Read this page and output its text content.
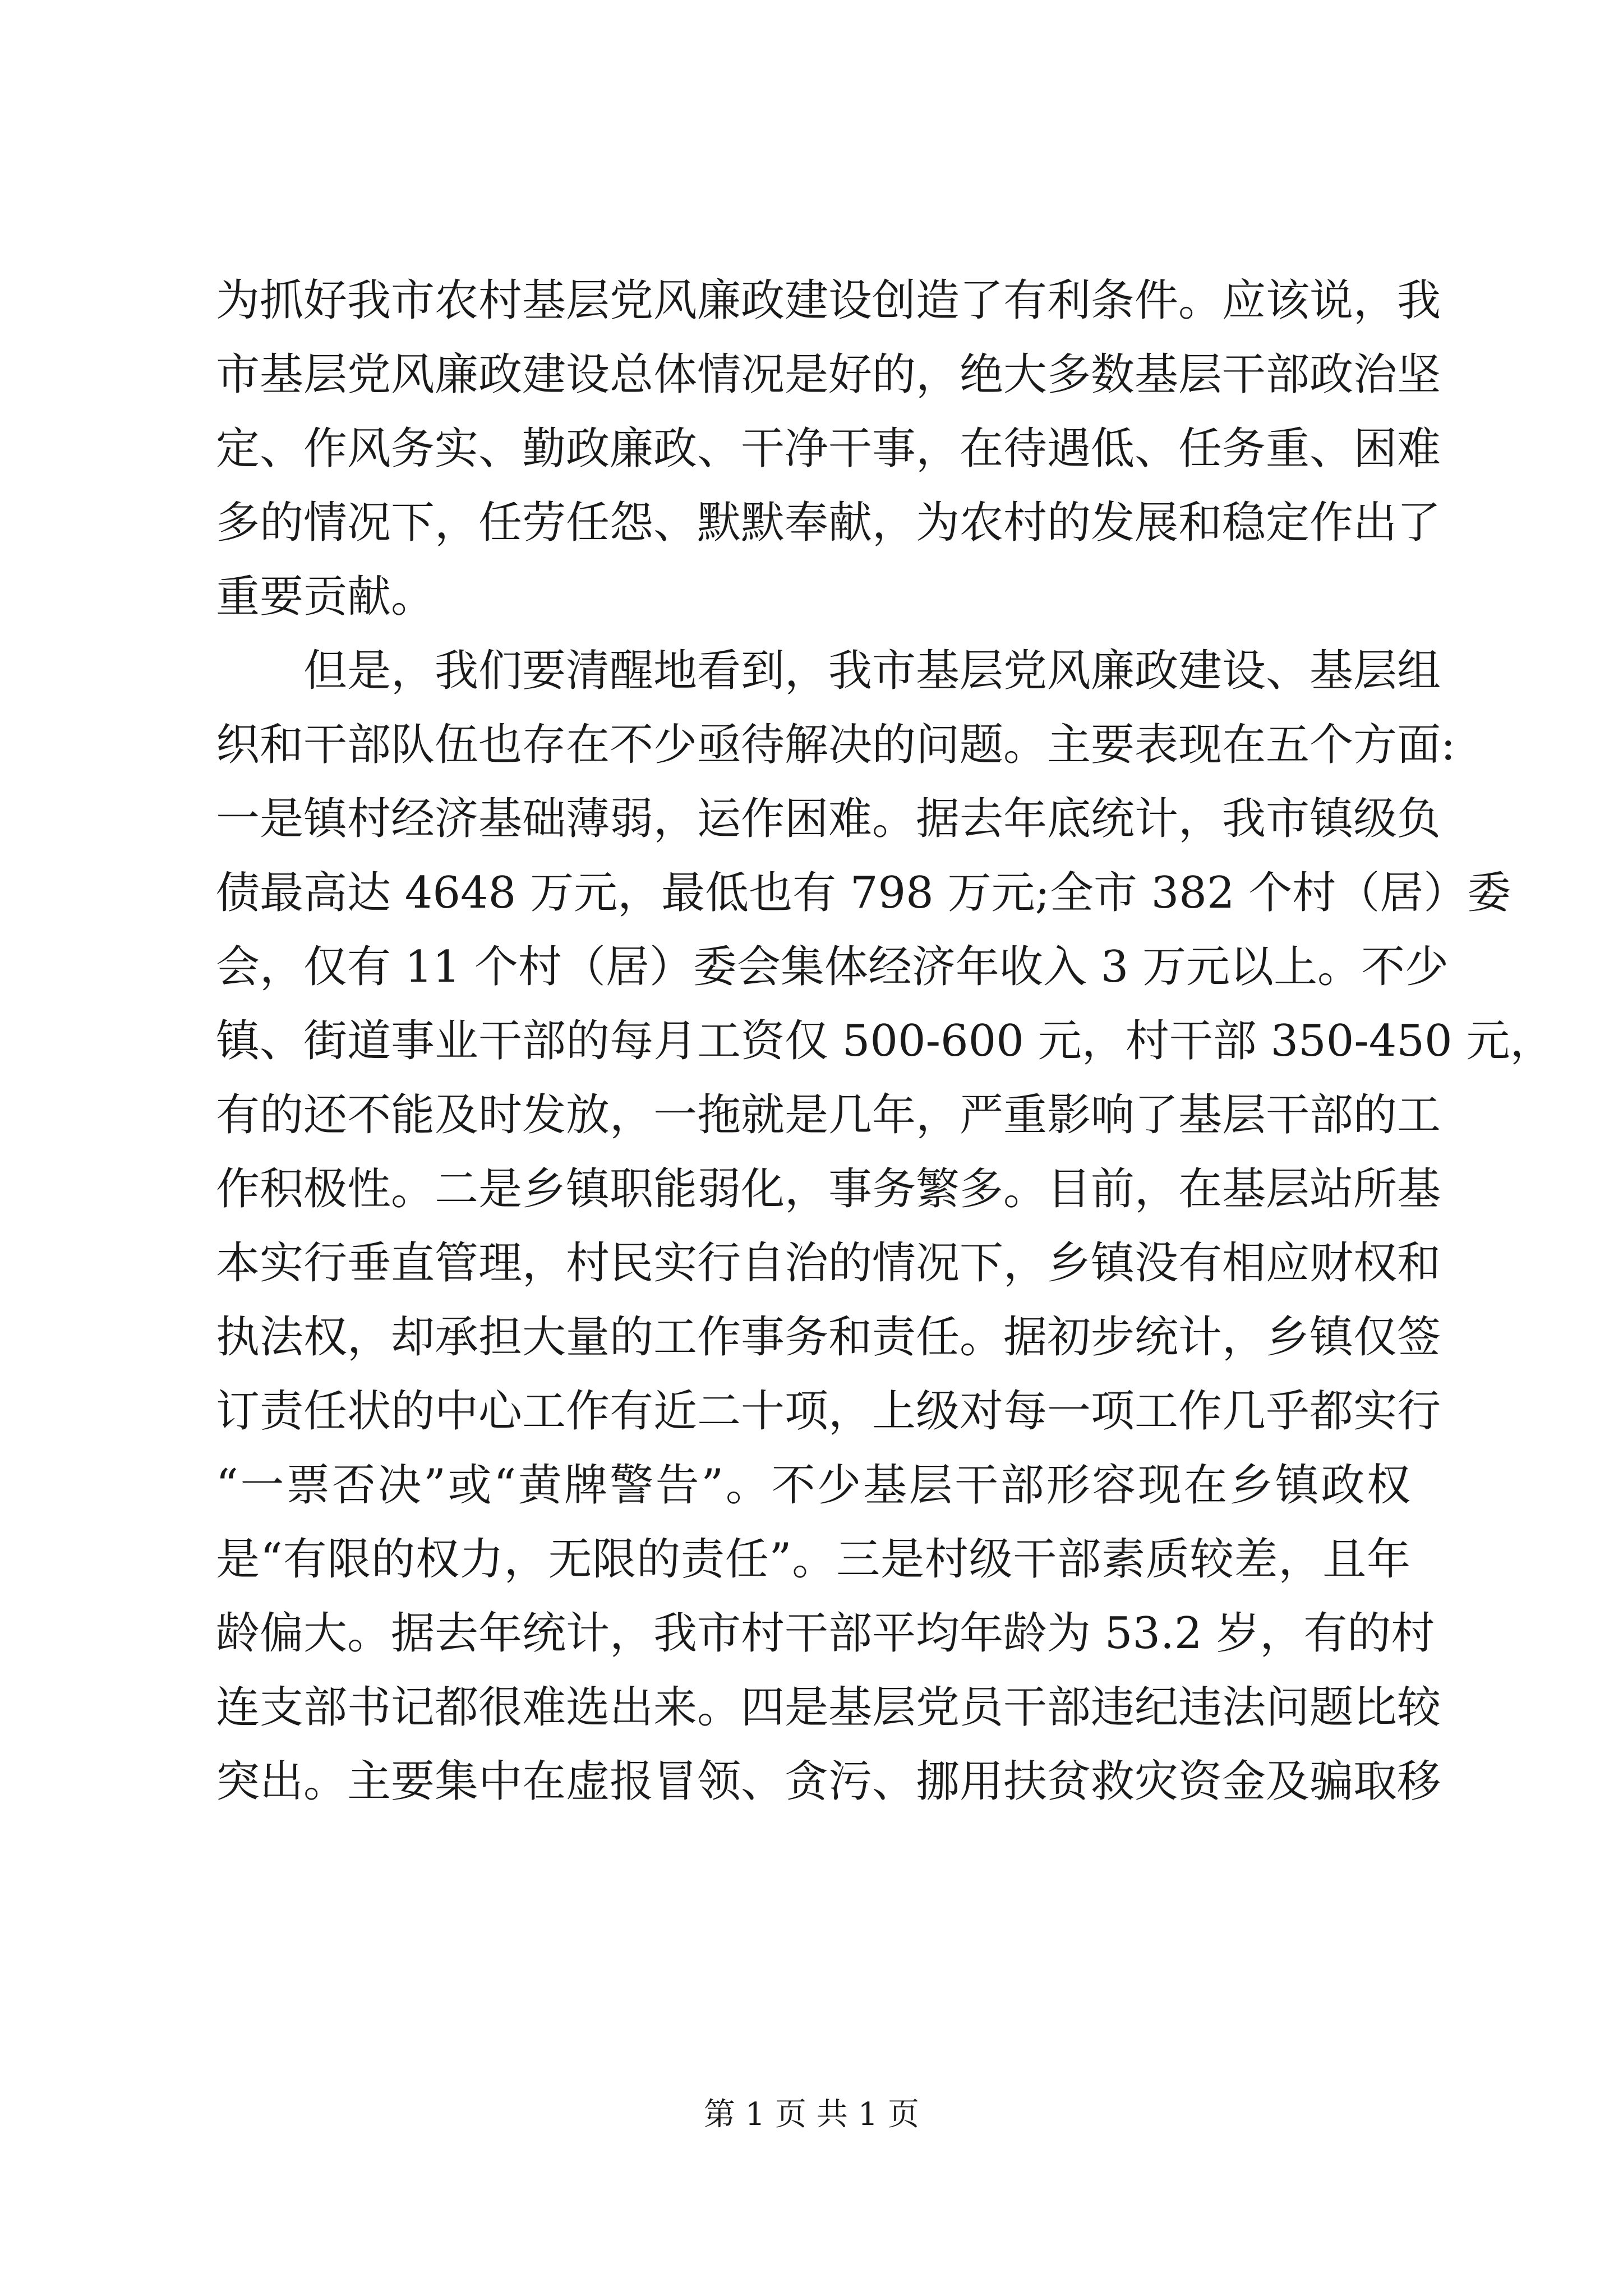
为抓好我市农村基层党风廉政建设创造了有利条件。应该说，我
市基层党风廉政建设总体情况是好的，绝大多数基层干部政治坚
定、作风务实、勤政廉政、干净干事，在待遇低、任务重、困难
多的情况下，任劳任怨、默默奉献，为农村的发展和稳定作出了
重要贡献。
但是，我们要清醒地看到，我市基层党风廉政建设、基层组
织和干部队伍也存在不少亟待解决的问题。主要表现在五个方面:
一是镇村经济基础薄弱，运作困难。据去年底统计，我市镇级负
债最高达 4648 万元，最低也有 798 万元;全市 382 个村（居）委
会，仅有 11 个村（居）委会集体经济年收入 3 万元以上。不少
镇、街道事业干部的每月工资仅 500-600 元，村干部 350-450 元，
有的还不能及时发放，一拖就是几年，严重影响了基层干部的工
作积极性。二是乡镇职能弱化，事务繁多。目前，在基层站所基
本实行垂直管理，村民实行自治的情况下，乡镇没有相应财权和
执法权，却承担大量的工作事务和责任。据初步统计，乡镇仅签
订责任状的中心工作有近二十项，上级对每一项工作几乎都实行
“一票否决”或“黄牌警告”。不少基层干部形容现在乡镇政权
是“有限的权力，无限的责任”。三是村级干部素质较差，且年
龄偏大。据去年统计，我市村干部平均年龄为 53.2 岁，有的村
连支部书记都很难选出来。四是基层党员干部违纪违法问题比较
突出。主要集中在虚报冒领、贪污、挪用扶贫救灾资金及骗取移
第 1 页 共 1 页
